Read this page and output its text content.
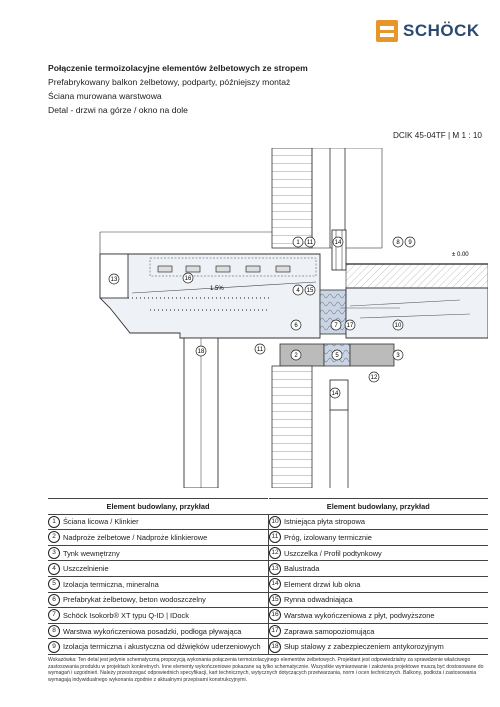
SCHÖCK
Połączenie termoizolacyjne elementów żelbetowych ze stropem
Prefabrykowany balkon żelbetowy, podparty, późniejszy montaż
Ściana murowana warstwowa
Detal - drzwi na górze / okno na dole
DCIK 45-04TF | M 1 : 10
1.5%
± 0.00
1 11	14	8 9
13	16
4 15
6	7 17	10
18	11
2	5	3
12
14
Element budowlany, przykład	
1	Ściana licowa / Klinkier
2	Nadproże żelbetowe / Nadproże klinkierowe
3	Tynk wewnętrzny
4	Uszczelnienie
5	Izolacja termiczna, mineralna
6	Prefabrykat żelbetowy, beton wodoszczelny
7	Schöck Isokorb® XT typu Q-ID | IDock
8	Warstwa wykończeniowa posadzki, podłoga pływająca
9	Izolacja termiczna i akustyczna od dźwięków uderzeniowych
Element budowlany, przykład	
10	Istniejąca płyta stropowa
11	Próg, izolowany termicznie
12	Uszczelka / Profil podtynkowy
13	Balustrada
14	Element drzwi lub okna
15	Rynna odwadniająca
16	Warstwa wykończeniowa z płyt, podwyższone
17	Zaprawa samopoziomująca
18	Słup stalowy z zabezpieczeniem antykorozyjnym
Wskazówka: Ten detal jest jedynie schematyczną propozycją wykonania połączenia termoizolacyjnego elementów żelbetowych. Projektant jest odpowiedzialny za sprawdzenie właściwego zastosowania produktu w projektach konkretnych. Inne elementy wykończeniowe pokazane są tylko schematycznie. Wszystkie wymiarowanie i założenia projektowe muszą być dostosowane do wymagań i uzgodnień. Należy przestrzegać odpowiednich specyfikacji, kart technicznych, wytycznych dotyczących przetwarzania, norm i ocen technicznych. Balkony, podłoża i zastosowania wymagają indywidualnego wykonania zgodnie z aktualnymi przepisami konstrukcyjnymi.
